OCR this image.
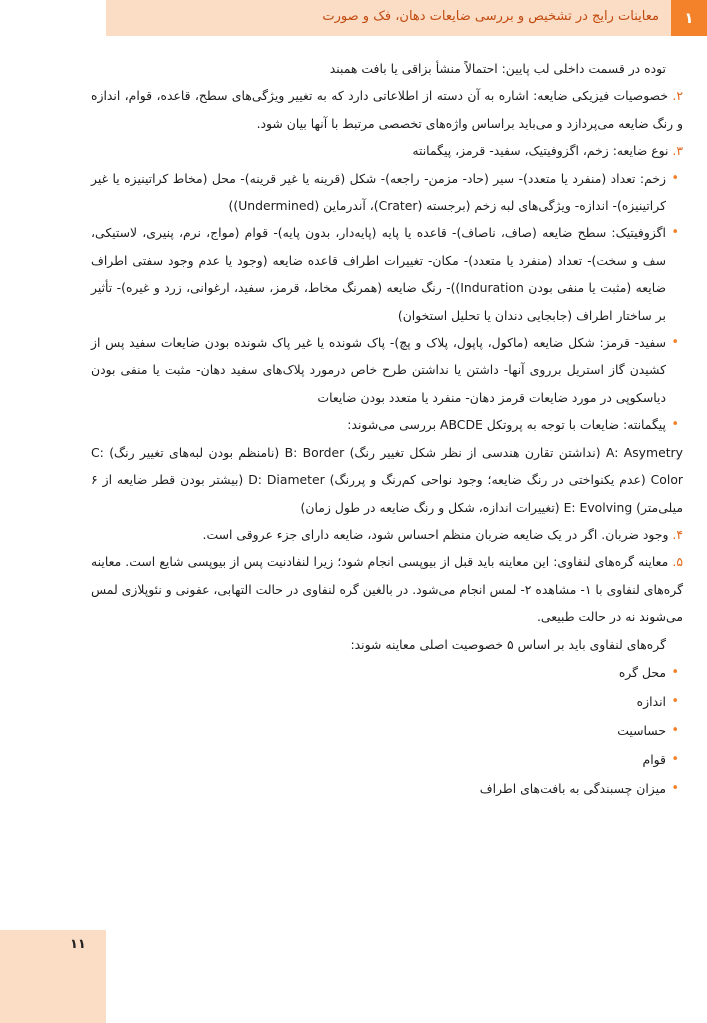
معاینات رایج در تشخیص و بررسی ضایعات دهان، فک و صورت	۱

توده در قسمت داخلی لب پایین: احتمالاً منشأ بزاقی یا بافت همبند

۲. خصوصیات فیزیکی ضایعه: اشاره به آن دسته از اطلاعاتی دارد که به تغییر ویژگی‌های سطح، قاعده، قوام، اندازه و رنگ ضایعه می‌پردازد و می‌باید براساس واژه‌های تخصصی مرتبط با آنها بیان شود.

۳. نوع ضایعه: زخم، اگزوفیتیک، سفید- قرمز، پیگمانته

•
زخم: تعداد (منفرد یا متعدد)- سیر (حاد- مزمن- راجعه)- شکل (قرینه یا غیر قرینه)- محل (مخاط کراتینیزه یا غیر کراتینیزه)- اندازه- ویژگی‌های لبه زخم (برجسته (Crater)، آندرماین (Undermined))

•
اگزوفیتیک: سطح ضایعه (صاف، ناصاف)- قاعده یا پایه (پایه‌دار، بدون پایه)- قوام (مواج، نرم، پنیری، لاستیکی، سف و سخت)- تعداد (منفرد یا متعدد)- مکان- تغییرات اطراف قاعده ضایعه (وجود یا عدم وجود سفتی اطراف ضایعه (مثبت یا منفی بودن Induration))- رنگ ضایعه (همرنگ مخاط، قرمز، سفید، ارغوانی، زرد و غیره)- تأثیر بر ساختار اطراف (جابجایی دندان یا تحلیل استخوان)

•
سفید- قرمز: شکل ضایعه (ماکول، پاپول، پلاک و پچ)- پاک شونده یا غیر پاک شونده بودن ضایعات سفید پس از کشیدن گاز استریل برروی آنها- داشتن یا نداشتن طرح خاص درمورد پلاک‌های سفید دهان- مثبت یا منفی بودن دیاسکوپی در مورد ضایعات قرمز دهان- منفرد یا متعدد بودن ضایعات

•
پیگمانته: ضایعات با توجه به پروتکل ABCDE بررسی می‌شوند:

A: Asymetry (نداشتن تقارن هندسی از نظر شکل تغییر رنگ) B: Border (نامنظم بودن لبه‌های تغییر رنگ) C: Color (عدم یکنواختی در رنگ ضایعه؛ وجود نواحی کم‌رنگ و پررنگ) D: Diameter (بیشتر بودن قطر ضایعه از ۶ میلی‌متر) E: Evolving (تغییرات اندازه، شکل و رنگ ضایعه در طول زمان)

۴. وجود ضربان. اگر در یک ضایعه ضربان منظم احساس شود، ضایعه دارای جزء عروقی است.

۵. معاینه گره‌های لنفاوی: این معاینه باید قبل از بیوپسی انجام شود؛ زیرا لنفادنیت پس از بیوپسی شایع است. معاینه گره‌های لنفاوی با ۱- مشاهده ۲- لمس انجام می‌شود. در بالغین گره لنفاوی در حالت التهابی، عفونی و نئوپلازی لمس می‌شوند نه در حالت طبیعی.

گره‌های لنفاوی باید بر اساس ۵ خصوصیت اصلی معاینه شوند:

•
محل گره

•
اندازه

•
حساسیت

•
قوام

•
میزان چسبندگی به بافت‌های اطراف

۱۱
